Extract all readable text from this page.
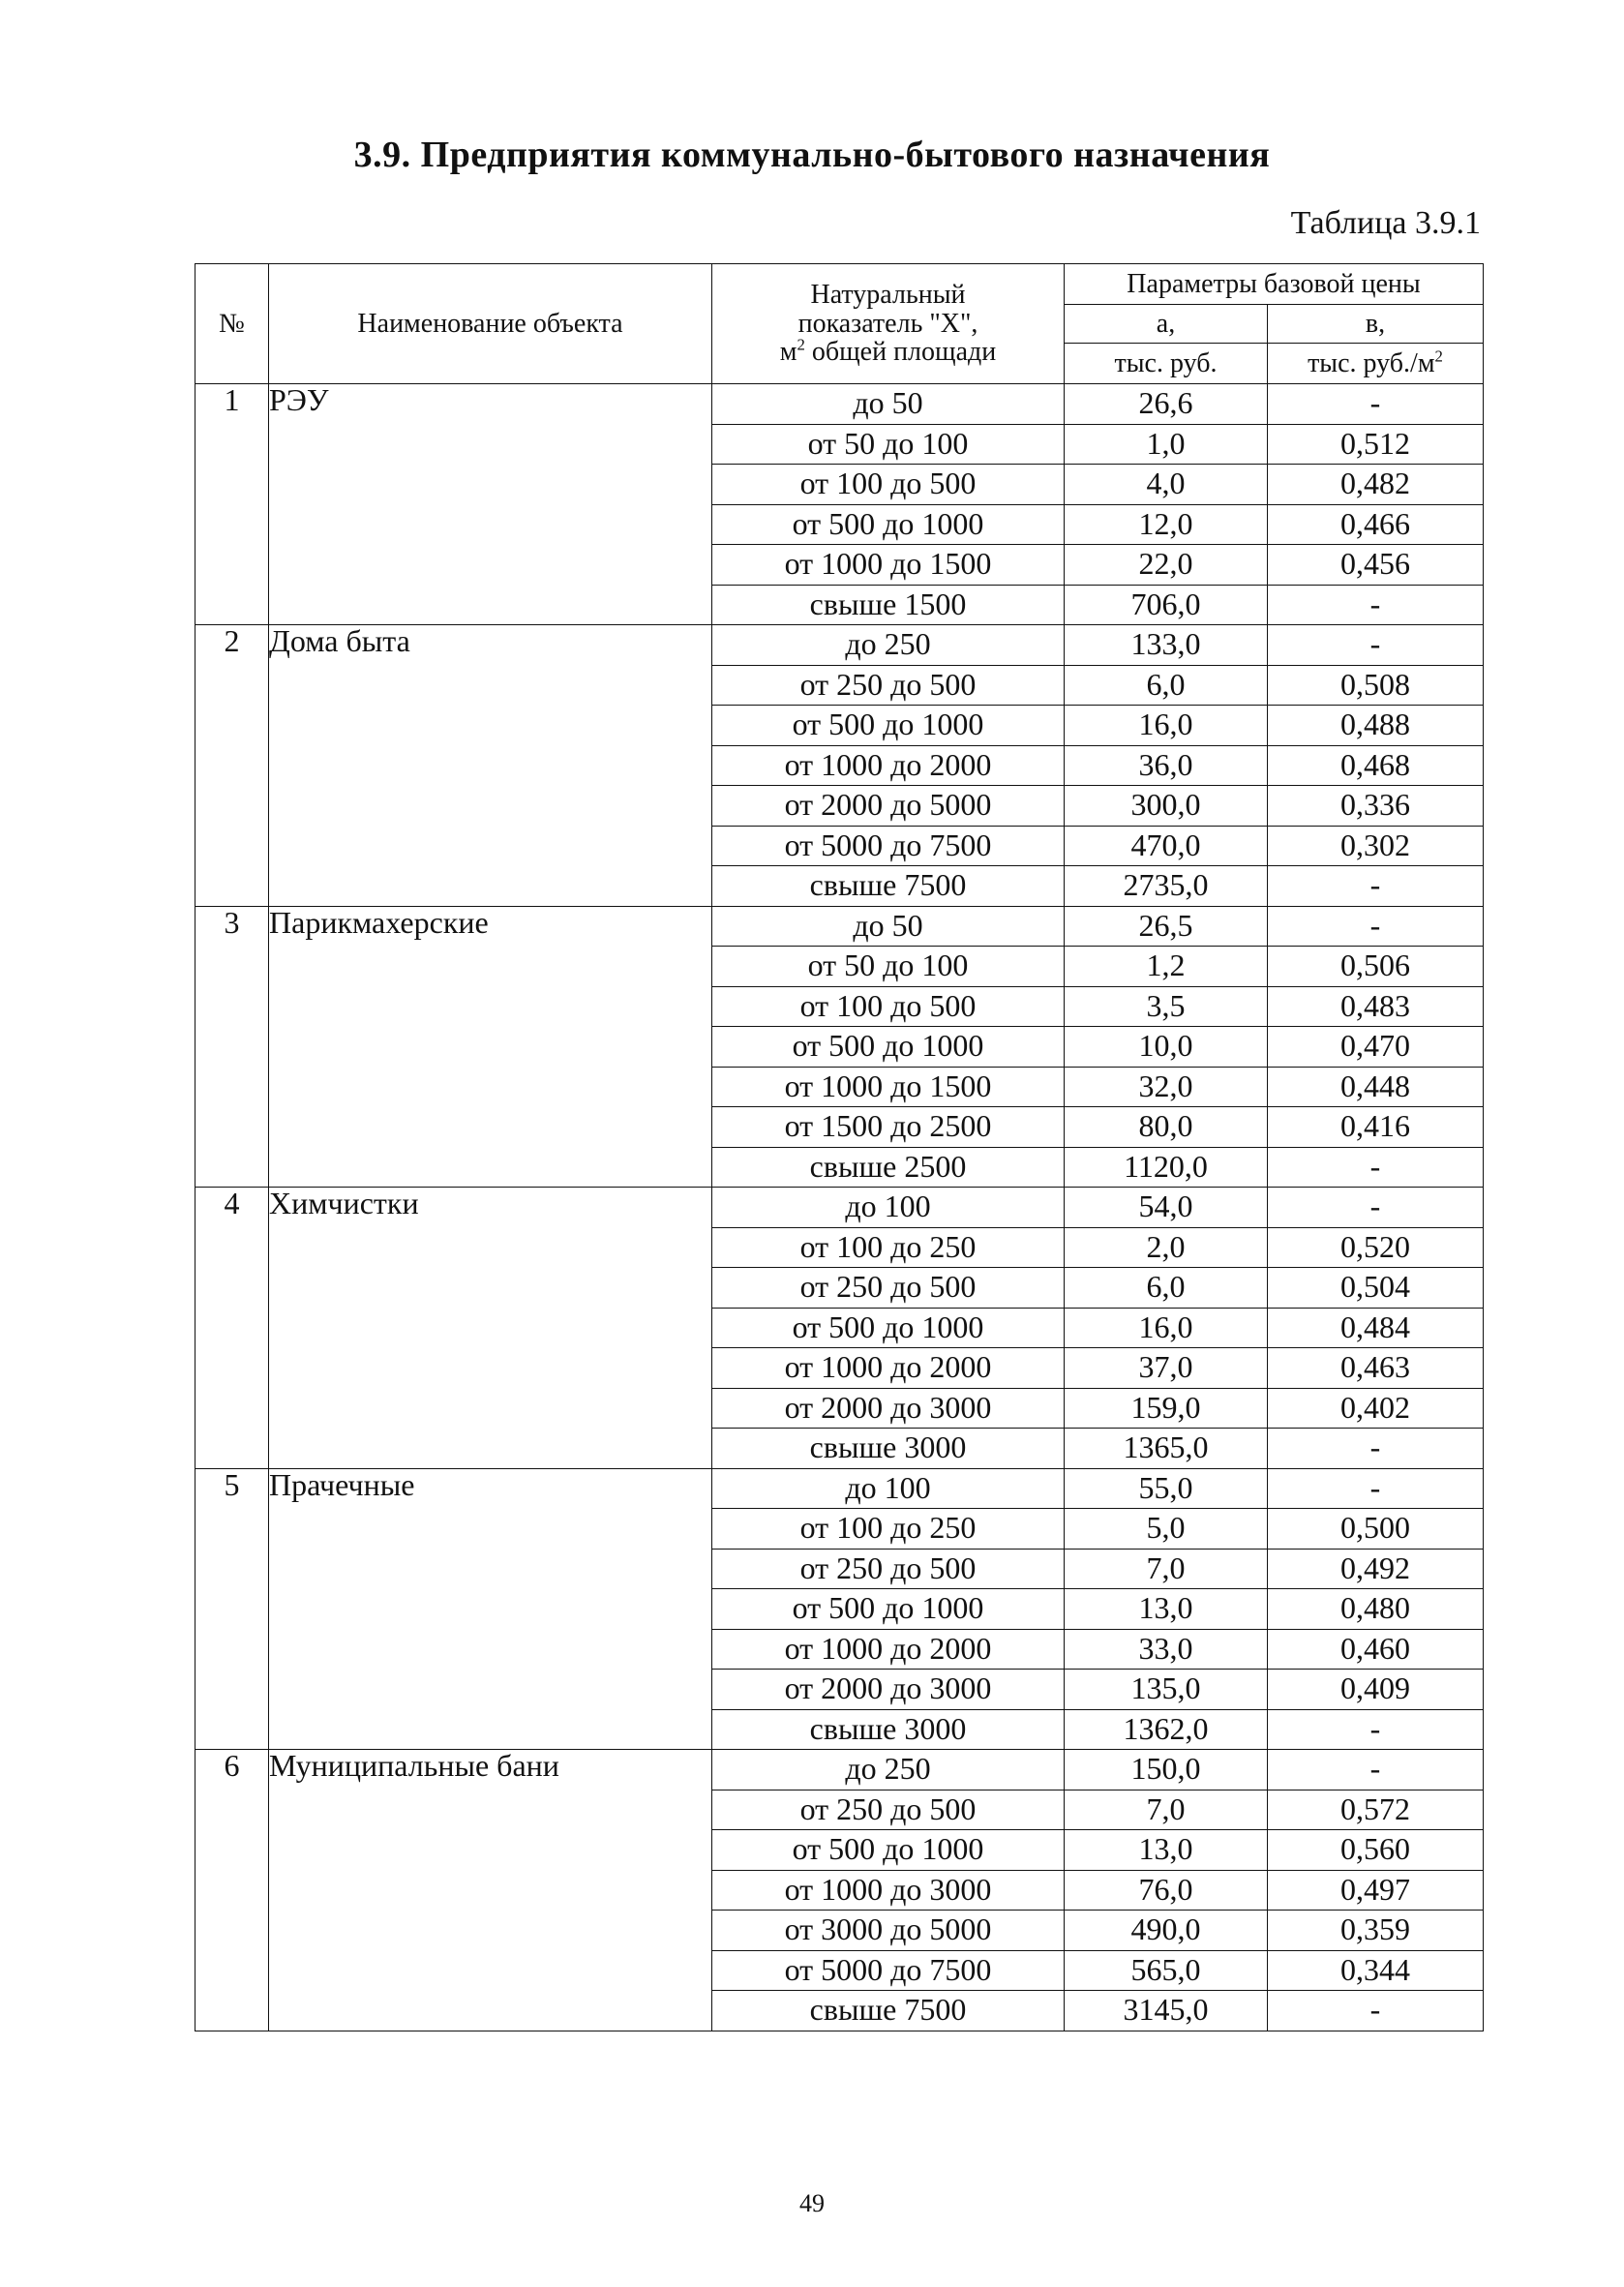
3.9. Предприятия коммунально-бытового назначения
Таблица 3.9.1
№	Наименование объекта	Натуральный
показатель "Х",
$м^2$ общей площади	Параметры базовой цены	
			а,	в,
			тыс. руб.	тыс. $руб./м^2$
1	РЭУ	до 50	26,6	-
		от 50 до 100	1,0	0,512
		от 100 до 500	4,0	0,482
		от 500 до 1000	12,0	0,466
		от 1000 до 1500	22,0	0,456
		свыше 1500	706,0	-
2	Дома быта	до 250	133,0	-
		от 250 до 500	6,0	0,508
		от 500 до 1000	16,0	0,488
		от 1000 до 2000	36,0	0,468
		от 2000 до 5000	300,0	0,336
		от 5000 до 7500	470,0	0,302
		свыше 7500	2735,0	-
3	Парикмахерские	до 50	26,5	-
		от 50 до 100	1,2	0,506
		от 100 до 500	3,5	0,483
		от 500 до 1000	10,0	0,470
		от 1000 до 1500	32,0	0,448
		от 1500 до 2500	80,0	0,416
		свыше 2500	1120,0	-
4	Химчистки	до 100	54,0	-
		от 100 до 250	2,0	0,520
		от 250 до 500	6,0	0,504
		от 500 до 1000	16,0	0,484
		от 1000 до 2000	37,0	0,463
		от 2000 до 3000	159,0	0,402
		свыше 3000	1365,0	-
5	Прачечные	до 100	55,0	-
		от 100 до 250	5,0	0,500
		от 250 до 500	7,0	0,492
		от 500 до 1000	13,0	0,480
		от 1000 до 2000	33,0	0,460
		от 2000 до 3000	135,0	0,409
		свыше 3000	1362,0	-
6	Муниципальные бани	до 250	150,0	-
		от 250 до 500	7,0	0,572
		от 500 до 1000	13,0	0,560
		от 1000 до 3000	76,0	0,497
		от 3000 до 5000	490,0	0,359
		от 5000 до 7500	565,0	0,344
		свыше 7500	3145,0	-
49
